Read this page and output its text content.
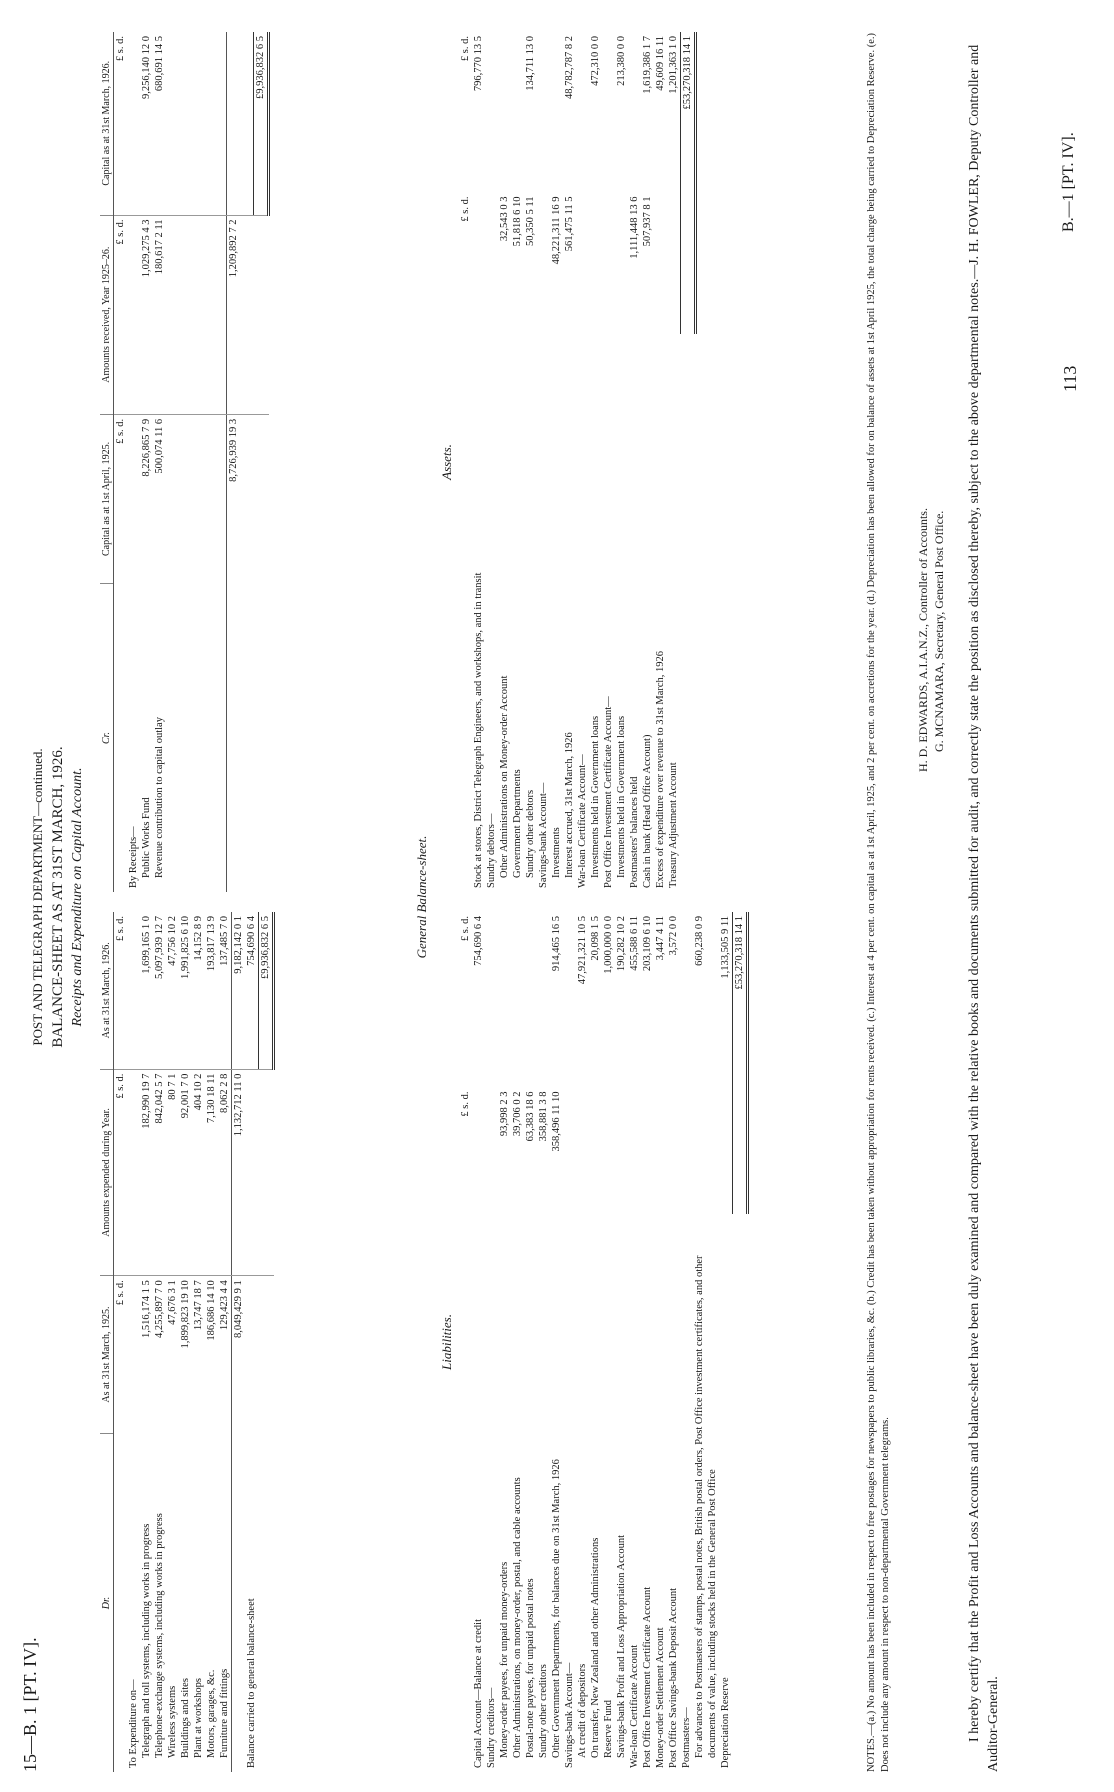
15—B. 1 [PT. IV].
B.—1 [PT. IV].
113
POST AND TELEGRAPH DEPARTMENT—continued. BALANCE-SHEET AS AT 31ST MARCH, 1926. Receipts and Expenditure on Capital Account.
Dr.	As at 31st March, 1925.	Amounts expended during Year.	As at 31st March, 1926.
	£ s. d.	£ s. d.	£ s. d.
To Expenditure on—			
Telegraph and toll systems, including works in progress	1,516,174 1 5	182,990 19 7	1,699,165 1 0
Telephone-exchange systems, including works in progress	4,255,897 7 0	842,042 5 7	5,097,939 12 7
Wireless systems	47,676 3 1	80 7 1	47,756 10 2
Buildings and sites	1,899,823 19 10	92,001 7 0	1,991,825 6 10
Plant at workshops	13,747 18 7	404 10 2	14,152 8 9
Motors, garages, &c.	186,686 14 10	7,130 18 11	193,817 13 9
Furniture and fittings	129,423 4 4	8,062 2 8	137,485 7 0
	8,049,429 9 1	1,132,712 11 0	9,182,142 0 1
Balance carried to general balance-sheet			754,690 6 4
			£9,936,832 6 5
Cr.	Capital as at 1st April, 1925.	Amounts received, Year 1925–26.	Capital as at 31st March, 1926.
	£ s. d.	£ s. d.	£ s. d.
By Receipts—			
Public Works Fund	8,226,865 7 9	1,029,275 4 3	9,256,140 12 0
Revenue contribution to capital outlay	500,074 11 6	180,617 2 11	680,691 14 5

	8,726,939 19 3	1,209,892 7 2	

			£9,936,832 6 5
General Balance-sheet.
Liabilities.
	£ s. d.	£ s. d.
Capital Account—Balance at credit		754,690 6 4
Sundry creditors—		
Money-order payees, for unpaid money-orders	93,998 2 3	
Other Administrations, on money-order, postal, and cable accounts	39,706 0 2	
Postal-note payees, for unpaid postal notes	63,383 18 6	
Sundry other creditors	358,881 3 8	
Other Government Departments, for balances due on 31st March, 1926	358,496 11 10	914,465 16 5
Savings-bank Account—		
At credit of depositors		47,921,321 10 5
On transfer, New Zealand and other Administrations		20,098 1 5
Reserve Fund		1,000,000 0 0
Savings-bank Profit and Loss Appropriation Account		190,282 10 2
War-loan Certificate Account		455,588 6 11
Post Office Investment Certificate Account		203,109 6 10
Money-order Settlement Account		3,447 4 11
Post Office Savings-bank Deposit Account		3,572 0 0
Postmasters—		
For advances to Postmasters of stamps, postal notes, British postal orders, Post Office investment certificates, and other documents of value, including stocks held in the General Post Office		660,238 0 9
Depreciation Reserve		1,133,505 9 11
		£53,270,318 14 1
Assets.
	£ s. d.	£ s. d.
Stock at stores, District Telegraph Engineers, and workshops, and in transit		796,770 13 5
Sundry debtors—		
Other Administrations on Money-order Account	32,543 0 3	
Government Departments	51,818 6 10	
Sundry other debtors	50,350 5 11	134,711 13 0
Savings-bank Account—		
Investments	48,221,311 16 9	
Interest accrued, 31st March, 1926	561,475 11 5	48,782,787 8 2
War-loan Certificate Account—		
Investments held in Government loans		472,310 0 0
Post Office Investment Certificate Account—		
Investments held in Government loans		213,380 0 0
Postmasters' balances held	1,111,448 13 6	
Cash in bank (Head Office Account)	507,937 8 1	1,619,386 1 7
Excess of expenditure over revenue to 31st March, 1926		49,609 16 11
Treasury Adjustment Account		1,201,363 1 0
		£53,270,318 14 1	NOTES.—(a.) No amount has been included in respect to free postages for newspapers to public libraries, &c. (b.) Credit has been taken without appropriation for rents received. (c.) Interest at 4 per cent. on capital as at 1st April, 1925, and 2 per cent. on accretions for the year. (d.) Depreciation has been allowed for on balance of assets at 1st April 1925, the total charge being carried to Depreciation Reserve. (e.) Does not include any amount in respect to non-departmental Government telegrams.
H. D. EDWARDS, A.I.A.N.Z., Controller of Accounts. G. MCNAMARA, Secretary, General Post Office. I hereby certify that the Profit and Loss Accounts and balance-sheet have been duly examined and compared with the relative books and documents submitted for audit, and correctly state the position as disclosed thereby, subject to the above departmental notes.—J. H. FOWLER, Deputy Controller and Auditor-General.
